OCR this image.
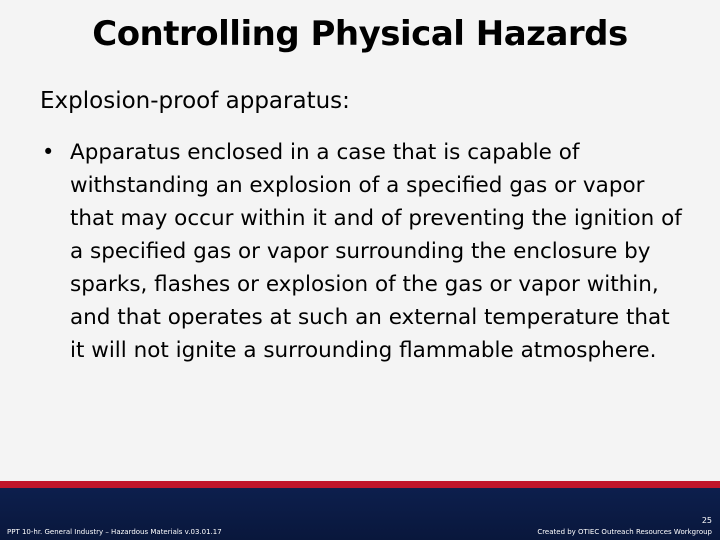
Controlling Physical Hazards

Explosion-proof apparatus:

• Apparatus enclosed in a case that is capable of withstanding an explosion of a specified gas or vapor that may occur within it and of preventing the ignition of a specified gas or vapor surrounding the enclosure by sparks, flashes or explosion of the gas or vapor within, and that operates at such an external temperature that it will not ignite a surrounding flammable atmosphere.
PPT 10-hr. General Industry – Hazardous Materials v.03.01.17
25
Created by OTIEC Outreach Resources Workgroup
